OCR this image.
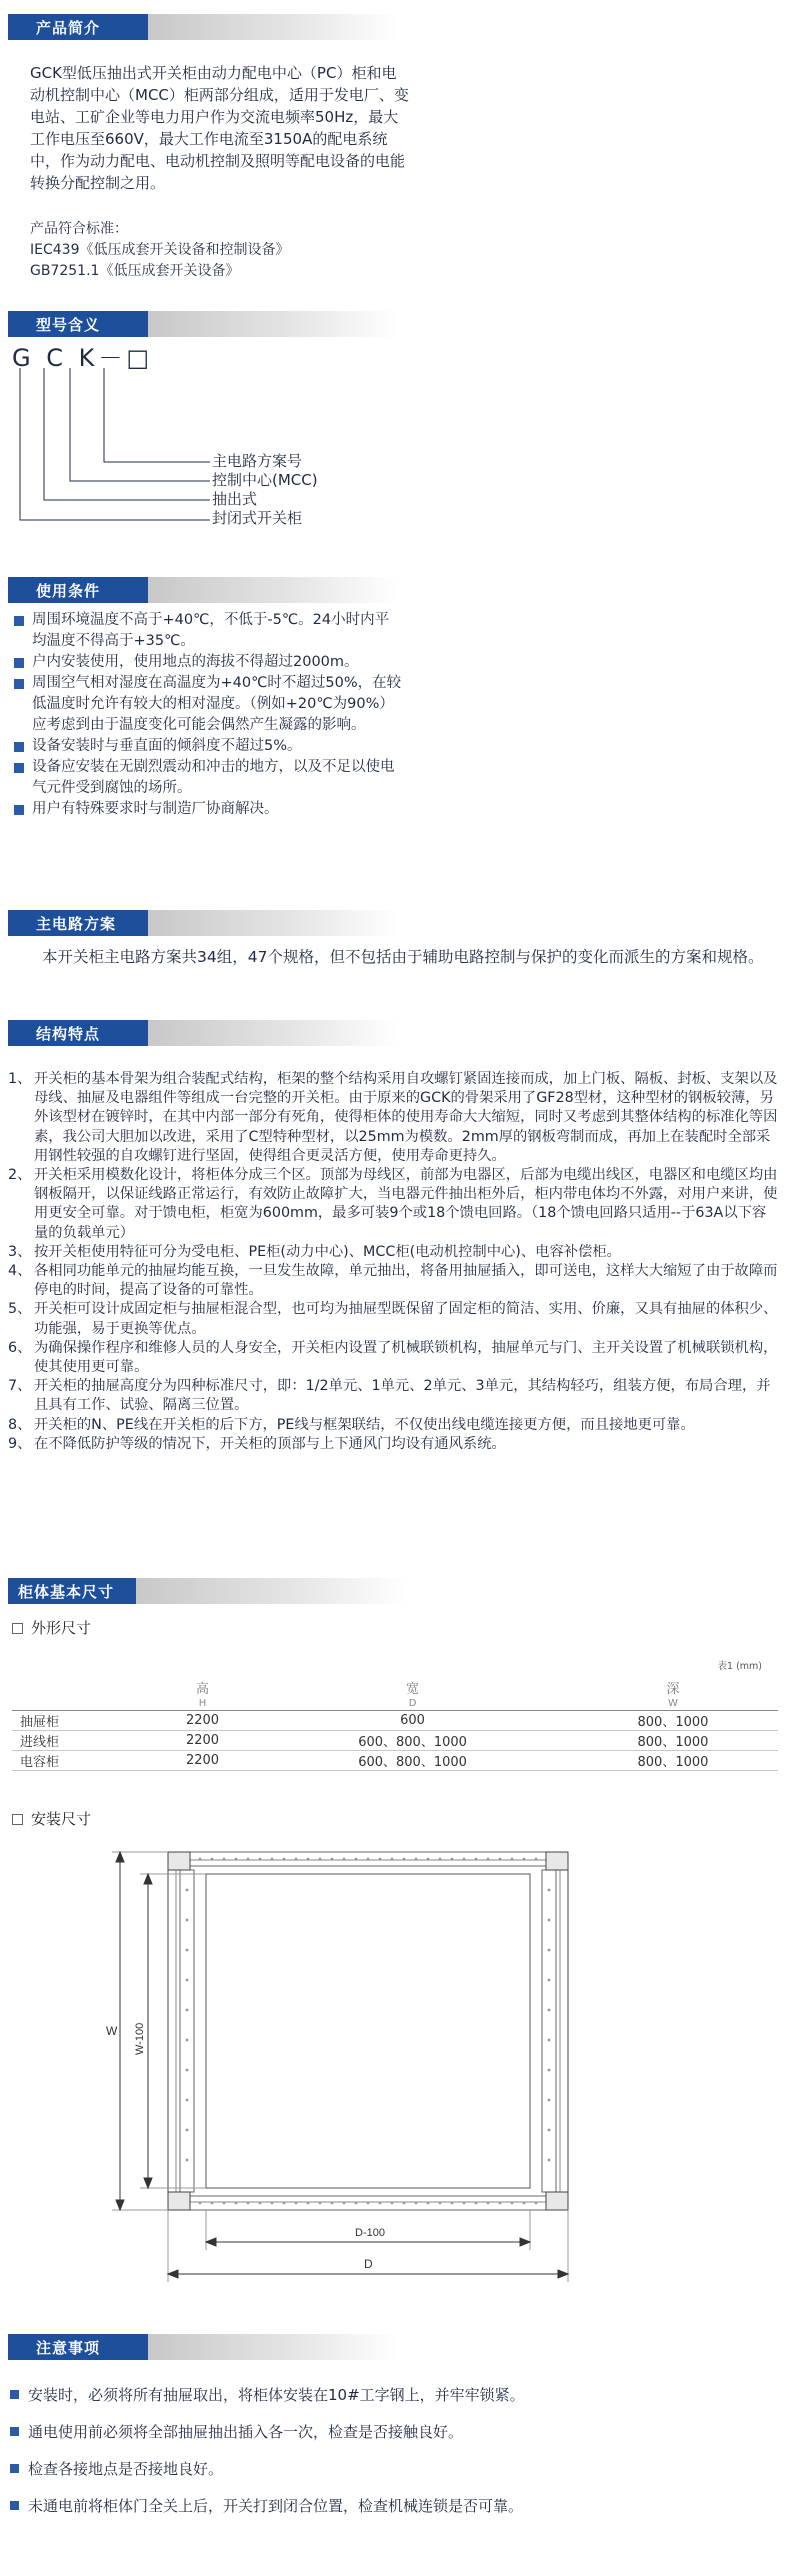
产品简介
GCK型低压抽出式开关柜由动力配电中心（PC）柜和电动机控制中心（MCC）柜两部分组成，适用于发电厂、变电站、工矿企业等电力用户作为交流电频率50Hz，最大工作电压至660V，最大工作电流至3150A的配电系统中，作为动力配电、电动机控制及照明等配电设备的电能转换分配控制之用。
产品符合标准：
IEC439《低压成套开关设备和控制设备》
GB7251.1《低压成套开关设备》
型号含义
G C K－□
主电路方案号
控制中心(MCC)
抽出式
封闭式开关柜
使用条件
周围环境温度不高于+40℃，不低于-5℃。24小时内平均温度不得高于+35℃。
户内安装使用，使用地点的海拔不得超过2000m。
周围空气相对湿度在高温度为+40℃时不超过50%，在较低温度时允许有较大的相对湿度。（例如+20℃为90%）应考虑到由于温度变化可能会偶然产生凝露的影响。
设备安装时与垂直面的倾斜度不超过5%。
设备应安装在无剧烈震动和冲击的地方，以及不足以使电气元件受到腐蚀的场所。
用户有特殊要求时与制造厂协商解决。
主电路方案
本开关柜主电路方案共34组，47个规格，但不包括由于辅助电路控制与保护的变化而派生的方案和规格。
结构特点
1、 开关柜的基本骨架为组合装配式结构，柜架的整个结构采用自攻螺钉紧固连接而成，加上门板、隔板、封板、支架以及母线、抽屉及电器组件等组成一台完整的开关柜。由于原来的GCK的骨架采用了GF28型材，这种型材的钢板较薄，另外该型材在镀锌时，在其中内部一部分有死角，使得柜体的使用寿命大大缩短，同时又考虑到其整体结构的标准化等因素，我公司大胆加以改进，采用了C型特种型材，以25mm为模数。2mm厚的钢板弯制而成，再加上在装配时全部采用钢性较强的自攻螺钉进行坚固，使得组合更灵活方便，使用寿命更持久。
2、 开关柜采用模数化设计，将柜体分成三个区。顶部为母线区，前部为电器区，后部为电缆出线区，电器区和电缆区均由钢板隔开，以保证线路正常运行，有效防止故障扩大，当电器元件抽出柜外后，柜内带电体均不外露，对用户来讲，使用更安全可靠。对于馈电柜，柜宽为600mm，最多可装9个或18个馈电回路。（18个馈电回路只适用--于63A以下容量的负载单元）
3、 按开关柜使用特征可分为受电柜、PE柜(动力中心)、MCC柜(电动机控制中心)、电容补偿柜。
4、 各相同功能单元的抽屉均能互换，一旦发生故障，单元抽出，将备用抽屉插入，即可送电，这样大大缩短了由于故障而停电的时间，提高了设备的可靠性。
5、 开关柜可设计成固定柜与抽屉柜混合型，也可均为抽屉型既保留了固定柜的简洁、实用、价廉，又具有抽屉的体积少、功能强，易于更换等优点。
6、 为确保操作程序和维修人员的人身安全，开关柜内设置了机械联锁机构，抽屉单元与门、主开关设置了机械联锁机构，使其使用更可靠。
7、 开关柜的抽屉高度分为四种标准尺寸，即：1/2单元、1单元、2单元、3单元，其结构轻巧，组装方便，布局合理，并且具有工作、试验、隔离三位置。
8、 开关柜的N、PE线在开关柜的后下方，PE线与框架联结，不仅使出线电缆连接更方便，而且接地更可靠。
9、 在不降低防护等级的情况下，开关柜的顶部与上下通风门均设有通风系统。
柜体基本尺寸
外形尺寸
表1 (mm)
	高	宽	深
	H	D	W
抽屉柜	2200	600	800、1000
进线柜	2200	600、800、1000	800、1000
电容柜	2200	600、800、1000	800、1000
安装尺寸
W W-100
D-100
D
注意事项
安装时，必须将所有抽屉取出，将柜体安装在10#工字钢上，并牢牢锁紧。
通电使用前必须将全部抽屉抽出插入各一次，检查是否接触良好。
检查各接地点是否接地良好。
未通电前将柜体门全关上后，开关打到闭合位置，检查机械连锁是否可靠。
